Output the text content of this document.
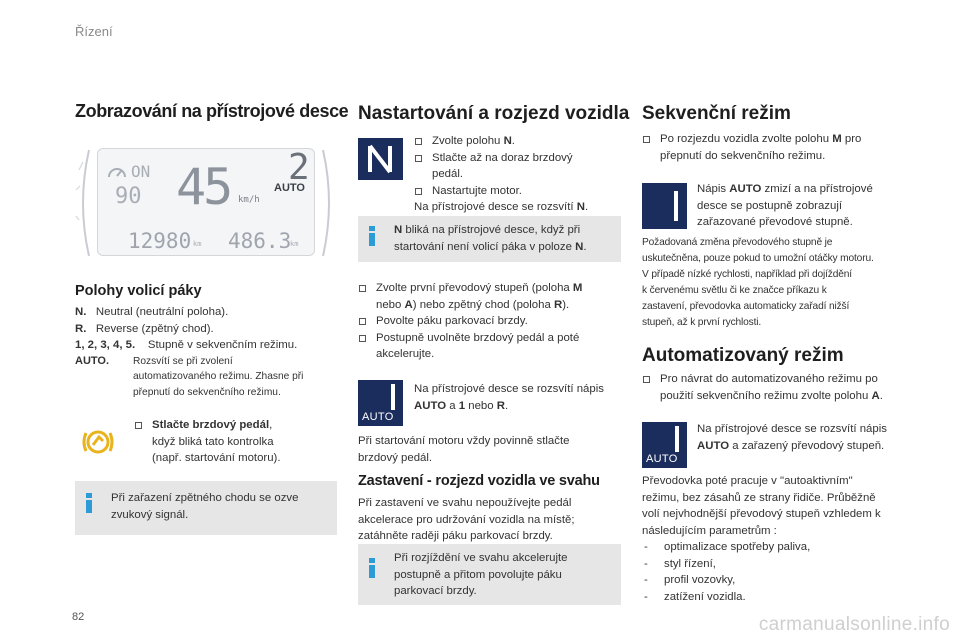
Řízení
82	carmanualsonline.info
Zobrazování na přístrojové desce
ON
90 45 km/h
2
AUTO
12980 km 486.3
km
Polohy volicí páky
N. Neutral (neutrální poloha).
R. Reverse (zpětný chod).
1, 2, 3, 4, 5. Stupně v sekvenčním režimu.
AUTO. Rozsvítí se při zvolení
automatizovaného režimu. Zhasne při
přepnutí do sekvenčního režimu.
Stlačte brzdový pedál,
když bliká tato kontrolka
(např. startování motoru).
Při zařazení zpětného chodu se ozve
zvukový signál.
Nastartování a rozjezd vozidla
Zvolte polohu N.
Stlačte až na doraz brzdový
pedál.
Nastartujte motor.
Na přístrojové desce se rozsvítí N.
N bliká na přístrojové desce, když při
startování není volicí páka v poloze N.
Zvolte první převodový stupeň (poloha M
nebo A) nebo zpětný chod (poloha R).
Povolte páku parkovací brzdy.
Postupně uvolněte brzdový pedál a poté
akcelerujte.
AUTO
Na přístrojové desce se rozsvítí nápis
AUTO a 1 nebo R.
Při startování motoru vždy povinně stlačte
brzdový pedál.
Zastavení - rozjezd vozidla ve svahu
Při zastavení ve svahu nepoužívejte pedál
akcelerace pro udržování vozidla na místě;
zatáhněte raději páku parkovací brzdy.
Při rozjíždění ve svahu akcelerujte
postupně a přitom povolujte páku
parkovací brzdy.
Sekvenční režim
Po rozjezdu vozidla zvolte polohu M pro
přepnutí do sekvenčního režimu.
Nápis AUTO zmizí a na přístrojové
desce se postupně zobrazují
zařazované převodové stupně.
Požadovaná změna převodového stupně je
uskutečněna, pouze pokud to umožní otáčky motoru.
V případě nízké rychlosti, například při dojíždění
k červenému světlu či ke značce příkazu k
zastavení, převodovka automaticky zařadí nižší
stupeň, až k první rychlosti.
Automatizovaný režim
Pro návrat do automatizovaného režimu po
použití sekvenčního režimu zvolte polohu A.
AUTO
Na přístrojové desce se rozsvítí nápis
AUTO a zařazený převodový stupeň.
Převodovka poté pracuje v "autoaktivním"
režimu, bez zásahů ze strany řidiče. Průběžně
volí nejvhodnější převodový stupeň vzhledem k
následujícím parametrům :
- optimalizace spotřeby paliva,
- styl řízení,
- profil vozovky,
- zatížení vozidla.
